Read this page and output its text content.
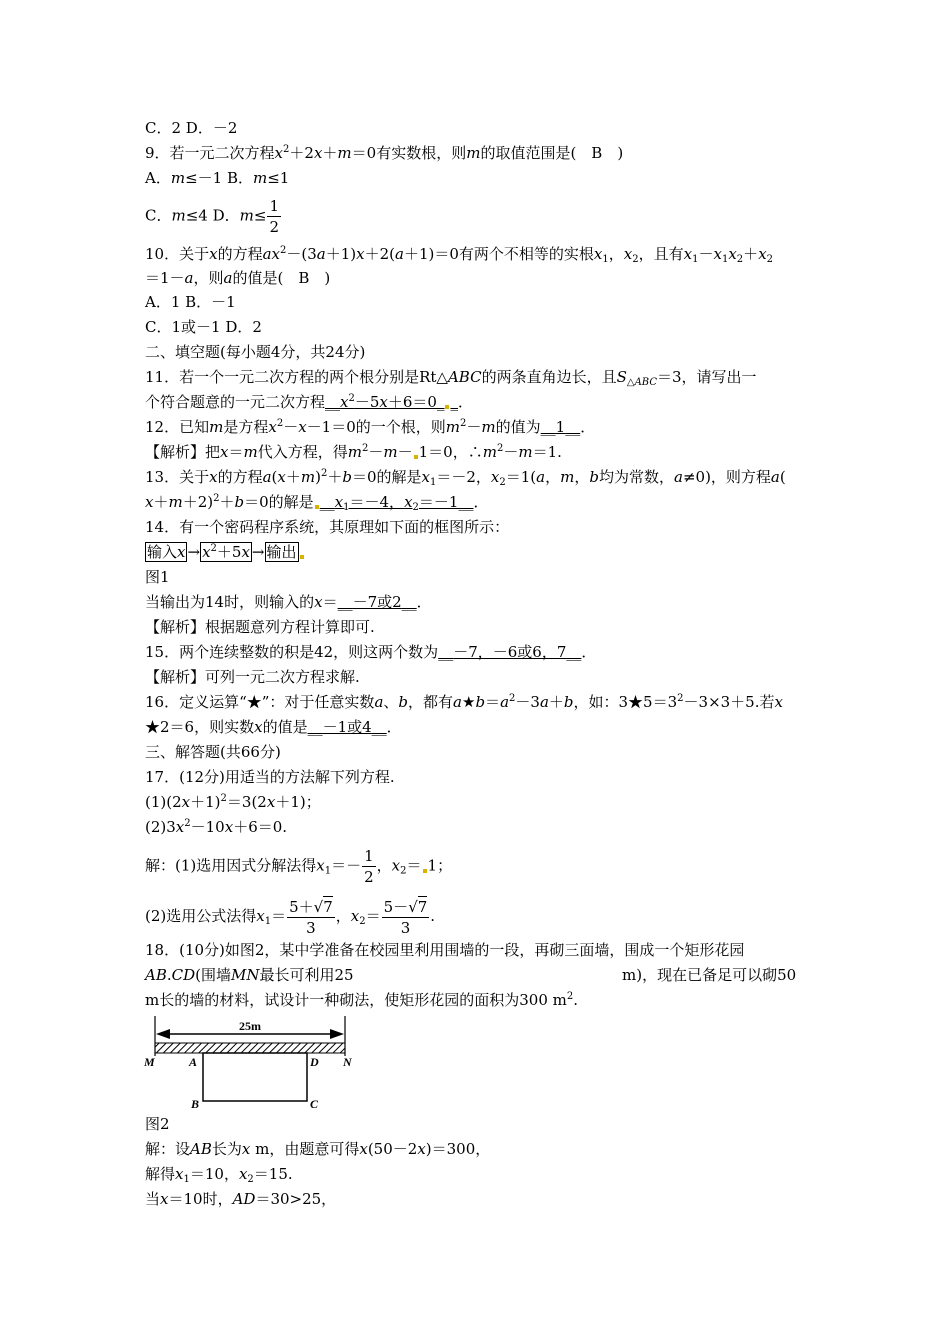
C．2 D．－2
9．若一元二次方程$x^2+2x+m=0$有实数根，则m的取值范围是(　B　)
A．m≤－1 B．m≤1
C．m≤4 D．$m\le \frac{1}{2}$
10．关于x的方程$ax^2-(3a+1)x+2(a+1)=0$有两个不相等的实根$x_1$，$x_2$，且有$x_1-x_1x_2+x_2$
＝1－a，则a的值是(　B　)
A．1 B．－1
C．1或－1 D．2
二、填空题(每小题4分，共24分)
11．若一个一元二次方程的两个根分别是Rt△ABC的两条直角边长，且$S_{\triangle ABC}=3$，请写出一
个符合题意的一元二次方程$\_\_x^2-5x+6=0\_$ _．
12．已知m是方程$x^2-x-1=0$的一个根，则$m^2-m$的值为__1__．
【解析】把x＝m代入方程，得$m^2-m- 1=0$，$\therefore m^2-m=1$.
13．关于x的方程$a(x+m)^2+b=0$的解是$x_1=-2$，$x_2=1(a$，m，b均为常数，a≠0)，则方程a(
x＋m＋2)$^2$＋b＝0的解是 $\_\_x_1=-4$，$x_2=-1\_\_$．
14．有一个密码程序系统，其原理如下面的框图所示：
输入$x \to x^2+5x$ → 输出
图1
当输出为14时，则输入的x＝__－7或2__．
【解析】根据题意列方程计算即可.
15．两个连续整数的积是42，则这两个数为__－7，－6或6，7__．
【解析】可列一元二次方程求解.
16．定义运算“★”：对于任意实数a、b，都有$a★b=a^2-3a+b$，如：$3★5=3^2-3\times 3+5$.若x
★2＝6，则实数x的值是__－1或4__．
三、解答题(共66分)
17．(12分)用适当的方法解下列方程.
$(1)(2x+1)^2=3(2x+1)$；
$(2)3x^2-10x+6=0$.
解：(1)选用因式分解法得$x_1=- \frac{1}{2}$ ，$x_2= 1$；
(2)选用公式法得$x_1= \frac{5+√7}{3}$ ，$x_2= \frac{5-√7}{3}$ .
18．(10分)如图2，某中学准备在校园里利用围墙的一段，再砌三面墙，围成一个矩形花园
AB.CD(围墙MN最长可利用25	m)，现在已备足可以砌50
m长的墙的材料，试设计一种砌法，使矩形花园的面积为300 $m^2$.
25m
M	A	D N
B	C
图2
解：设AB长为x m，由题意可得x(50－2x)＝300，
解得$x_1=10$，$x_2=15$.
当x＝10时，AD＝30>25，
